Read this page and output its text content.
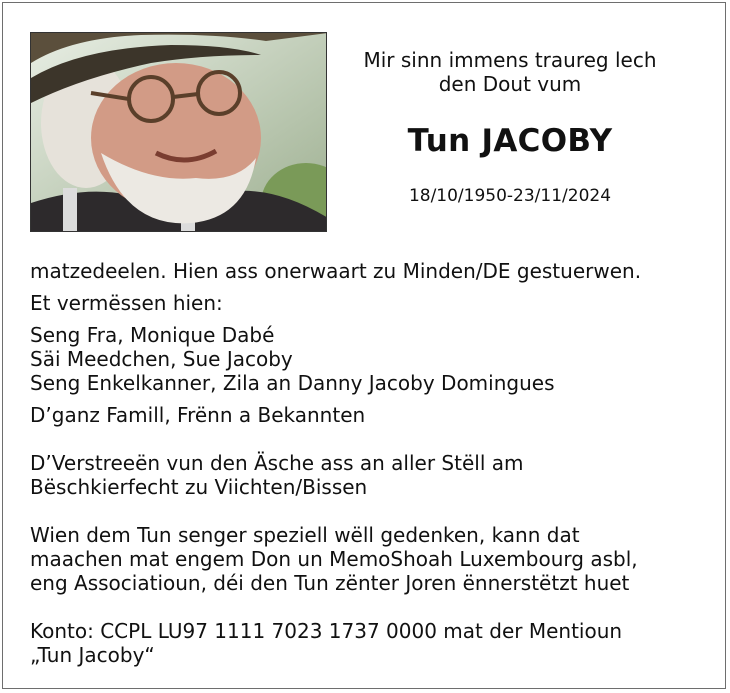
Mir sinn immens traureg lech
den Dout vum
Tun JACOBY
18/10/1950-23/11/2024
matzedeelen. Hien ass onerwaart zu Minden/DE gestuerwen.
Et vermëssen hien:
Seng Fra, Monique Dabé
Säi Meedchen, Sue Jacoby
Seng Enkelkanner, Zila an Danny Jacoby Domingues
D’ganz Famill, Frënn a Bekannten
D’Verstreeën vun den Äsche ass an aller Stëll am
Bëschkierfecht zu Viichten/Bissen
Wien dem Tun senger speziell wëll gedenken, kann dat
maachen mat engem Don un MemoShoah Luxembourg asbl,
eng Associatioun, déi den Tun zënter Joren ënnerstëtzt huet
Konto: CCPL LU97 1111 7023 1737 0000 mat der Mentioun
„Tun Jacoby“
